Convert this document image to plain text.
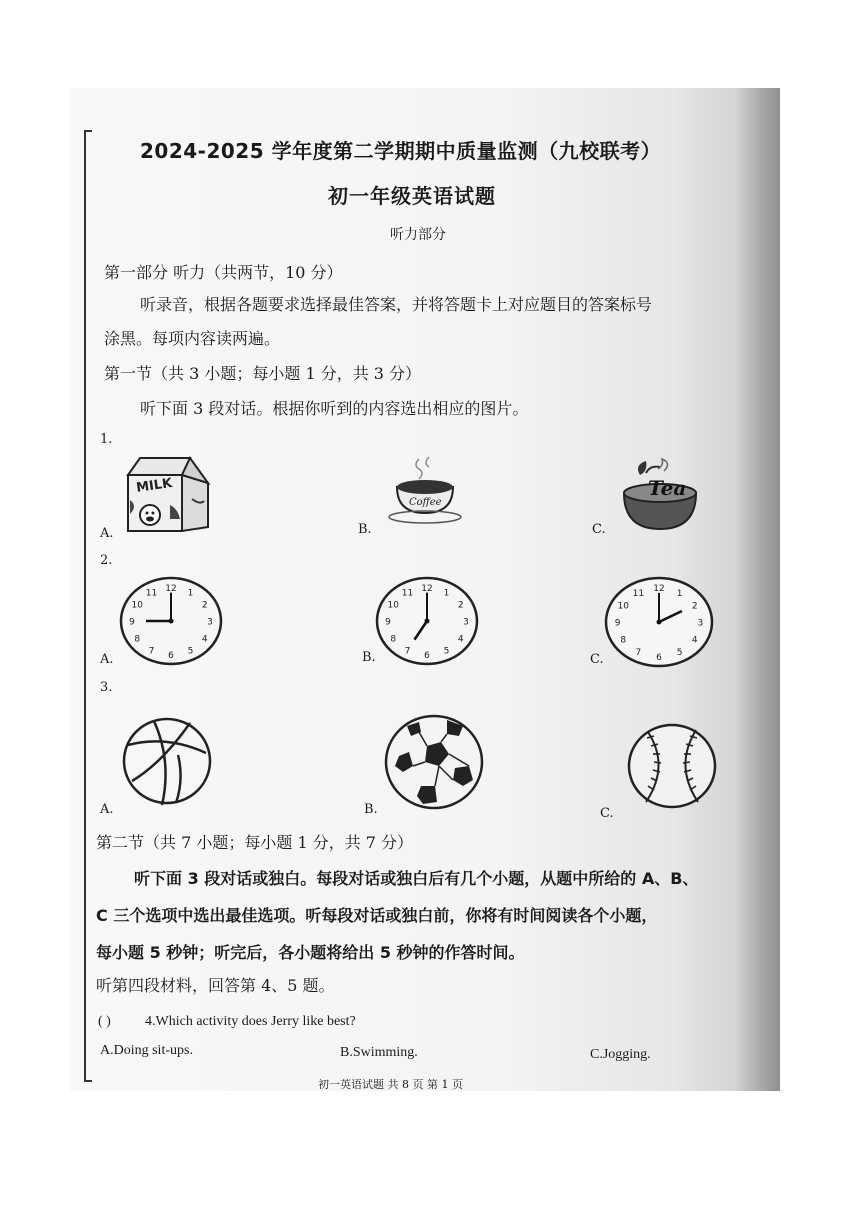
2024-2025 学年度第二学期期中质量监测（九校联考）
初一年级英语试题
听力部分
第一部分 听力（共两节，10 分）
听录音，根据各题要求选择最佳答案，并将答题卡上对应题目的答案标号
涂黑。每项内容读两遍。
第一节（共 3 小题；每小题 1 分，共 3 分）
听下面 3 段对话。根据你听到的内容选出相应的图片。
1.
MILK
A.
Coffee
B.
Tea
C.
2.
12 1
2
3
4
5
6
7
8
9
10
11
A.
12 1
2
3
4
5
6
7
8
9
10
11
B.
12 1
2
3
4
5
6
7
8
9
10
11
C.
3.
A.	B.	C.
第二节（共 7 小题；每小题 1 分，共 7 分）
听下面 3 段对话或独白。每段对话或独白后有几个小题，从题中所给的 A、B、
C 三个选项中选出最佳选项。听每段对话或独白前，你将有时间阅读各个小题，
每小题 5 秒钟；听完后，各小题将给出 5 秒钟的作答时间。
听第四段材料，回答第 4、5 题。
( ) 4.Which activity does Jerry like best?
A.Doing sit-ups.	B.Swimming.	C.Jogging.
初一英语试题 共 8 页 第 1 页
